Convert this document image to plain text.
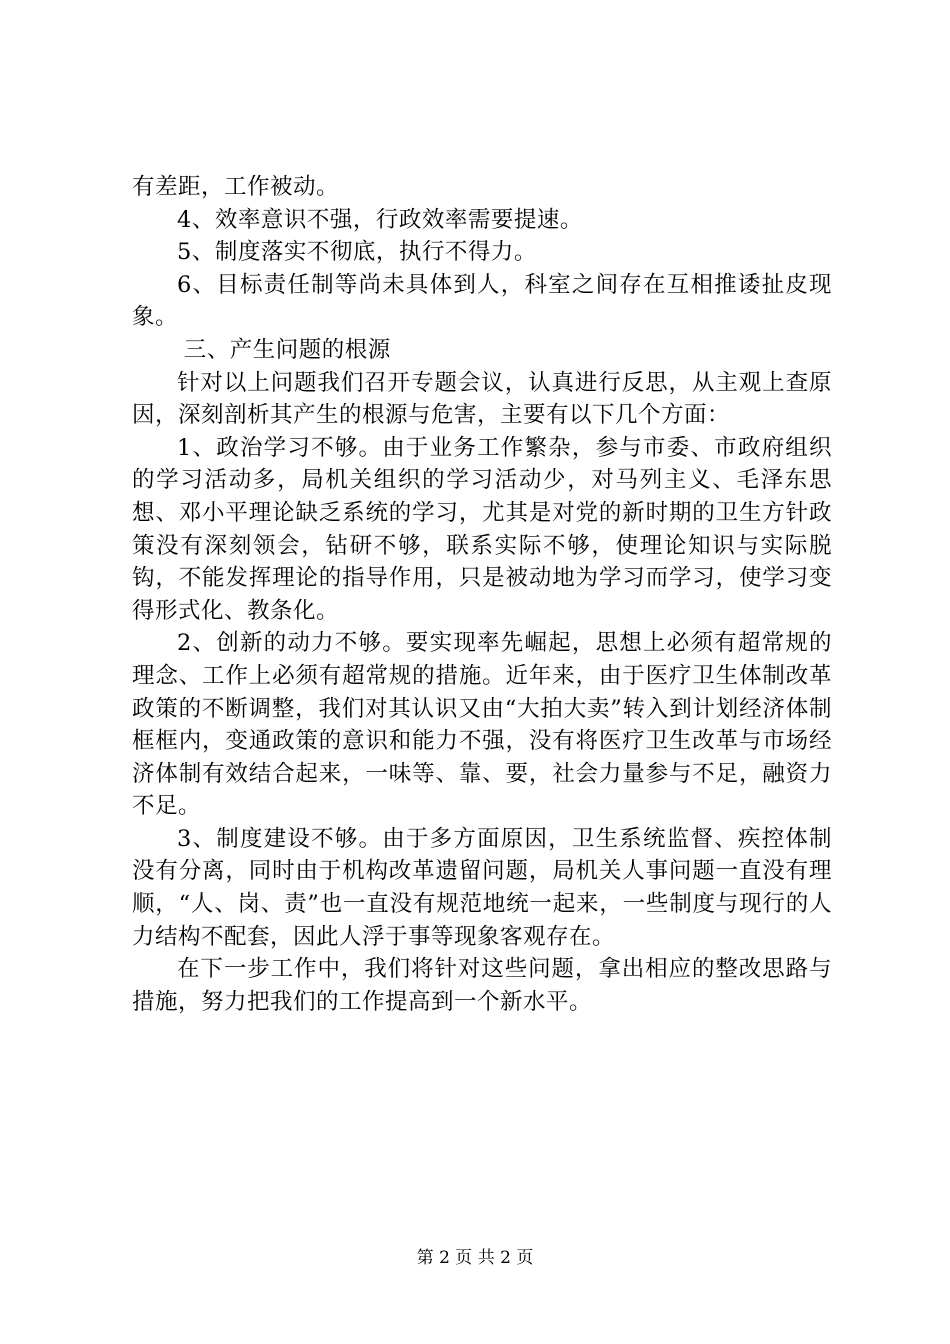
有差距，工作被动。

4、效率意识不强，行政效率需要提速。

5、制度落实不彻底，执行不得力。

6、目标责任制等尚未具体到人，科室之间存在互相推诿扯皮现象。

三、产生问题的根源

针对以上问题我们召开专题会议，认真进行反思，从主观上查原因，深刻剖析其产生的根源与危害，主要有以下几个方面：

1、政治学习不够。由于业务工作繁杂，参与市委、市政府组织的学习活动多，局机关组织的学习活动少，对马列主义、毛泽东思想、邓小平理论缺乏系统的学习，尤其是对党的新时期的卫生方针政策没有深刻领会，钻研不够，联系实际不够，使理论知识与实际脱钩，不能发挥理论的指导作用，只是被动地为学习而学习，使学习变得形式化、教条化。

2、创新的动力不够。要实现率先崛起，思想上必须有超常规的理念、工作上必须有超常规的措施。近年来，由于医疗卫生体制改革政策的不断调整，我们对其认识又由“大拍大卖”转入到计划经济体制框框内，变通政策的意识和能力不强，没有将医疗卫生改革与市场经济体制有效结合起来，一味等、靠、要，社会力量参与不足，融资力不足。

3、制度建设不够。由于多方面原因，卫生系统监督、疾控体制没有分离，同时由于机构改革遗留问题，局机关人事问题一直没有理顺，“人、岗、责”也一直没有规范地统一起来，一些制度与现行的人力结构不配套，因此人浮于事等现象客观存在。

在下一步工作中，我们将针对这些问题，拿出相应的整改思路与措施，努力把我们的工作提高到一个新水平。

第 2 页 共 2 页
